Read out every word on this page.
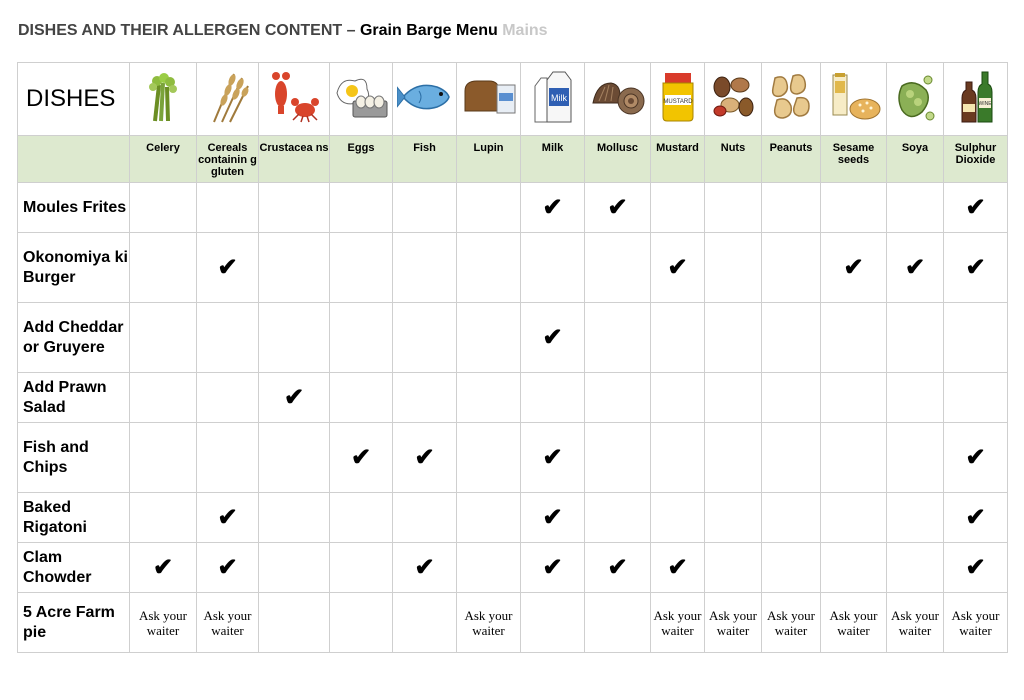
DISHES AND THEIR ALLERGEN CONTENT – Grain Barge Menu Mains
DISHES							Milk		MUSTARD					WINE

	Celery	Cereals containin g gluten	Crustacea ns	Eggs	Fish	Lupin	Milk	Mollusc	Mustard	Nuts	Peanuts	Sesame seeds	Soya	Sulphur Dioxide
Moules Frites							✔	✔						✔
Okonomiya ki Burger		✔							✔			✔	✔	✔
Add Cheddar or Gruyere							✔							
Add Prawn Salad			✔											
Fish and Chips				✔	✔		✔							✔
Baked Rigatoni		✔					✔							✔
Clam Chowder	✔	✔			✔		✔	✔	✔					✔
5 Acre Farm pie	Ask your waiter	Ask your waiter				Ask your waiter			Ask your waiter	Ask your waiter	Ask your waiter	Ask your waiter	Ask your waiter	Ask your waiter
